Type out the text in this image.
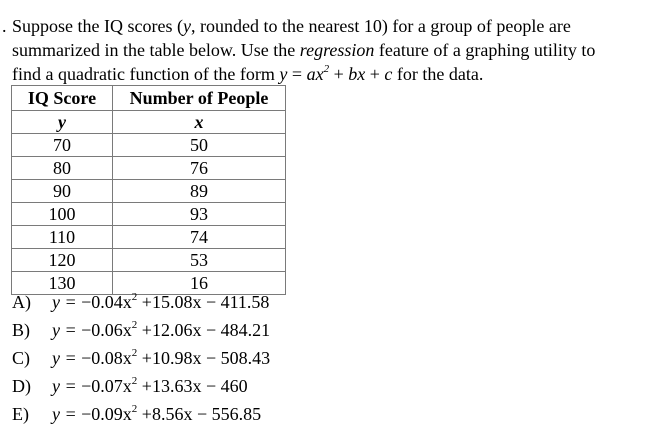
. Suppose the IQ scores (y, rounded to the nearest 10) for a group of people are
summarized in the table below. Use the regression feature of a graphing utility to
find a quadratic function of the form $y = ax^2$ + bx + c for the data.
IQ Score	Number of People
y	x
70	50
80	76
90	89
100	93
110	74
120	53
130	16
A) $y = -0.04x^2 +15.08x - 411.58$
B) $y = -0.06x^2 +12.06x - 484.21$
C) $y = -0.08x^2 +10.98x - 508.43$
D) $y = -0.07x^2 +13.63x - 460$
E) $y = -0.09x^2 +8.56x - 556.85$
